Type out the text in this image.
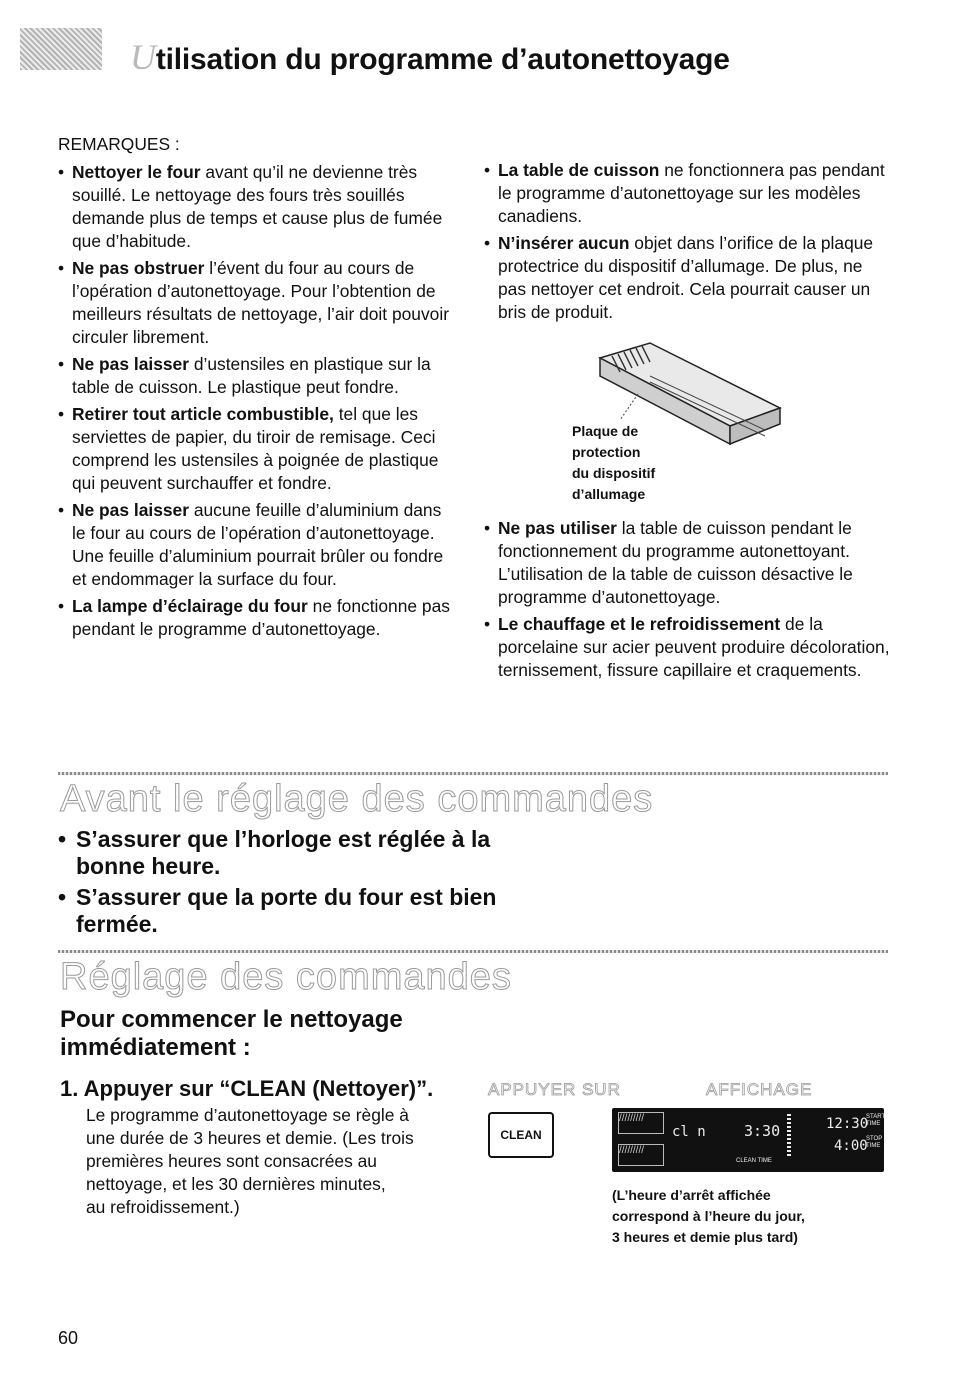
Utilisation du programme d’autonettoyage
REMARQUES :
• Nettoyer le four avant qu’il ne devienne très souillé. Le nettoyage des fours très souillés demande plus de temps et cause plus de fumée que d’habitude.
• Ne pas obstruer l’évent du four au cours de l’opération d’autonettoyage. Pour l’obtention de meilleurs résultats de nettoyage, l’air doit pouvoir circuler librement.
• Ne pas laisser d’ustensiles en plastique sur la table de cuisson. Le plastique peut fondre.
• Retirer tout article combustible, tel que les serviettes de papier, du tiroir de remisage. Ceci comprend les ustensiles à poignée de plastique qui peuvent surchauffer et fondre.
• Ne pas laisser aucune feuille d’aluminium dans le four au cours de l’opération d’autonettoyage. Une feuille d’aluminium pourrait brûler ou fondre et endommager la surface du four.
• La lampe d’éclairage du four ne fonctionne pas pendant le programme d’autonettoyage.
• La table de cuisson ne fonctionnera pas pendant le programme d’autonettoyage sur les modèles canadiens.
• N’insérer aucun objet dans l’orifice de la plaque protectrice du dispositif d’allumage. De plus, ne pas nettoyer cet endroit. Cela pourrait causer un bris de produit.
Plaque de
protection
du dispositif
d’allumage
• Ne pas utiliser la table de cuisson pendant le fonctionnement du programme autonettoyant. L’utilisation de la table de cuisson désactive le programme d’autonettoyage.
• Le chauffage et le refroidissement de la porcelaine sur acier peuvent produire décoloration, ternissement, fissure capillaire et craquements.
Avant le réglage des commandes
• S’assurer que l’horloge est réglée à la bonne heure.
• S’assurer que la porte du four est bien fermée.
Réglage des commandes
Pour commencer le nettoyage
immédiatement :
1. Appuyer sur “CLEAN (Nettoyer)”.
Le programme d’autonettoyage se règle à
une durée de 3 heures et demie. (Les trois
premières heures sont consacrées au
nettoyage, et les 30 dernières minutes,
au refroidissement.)
APPUYER SUR	AFFICHAGE
CLEAN
/////////
/////////
cl n	3:30	12:30
4:00
START TIME
STOP TIME
CLEAN TIME
(L’heure d’arrêt affichée
correspond à l’heure du jour,
3 heures et demie plus tard)
60
